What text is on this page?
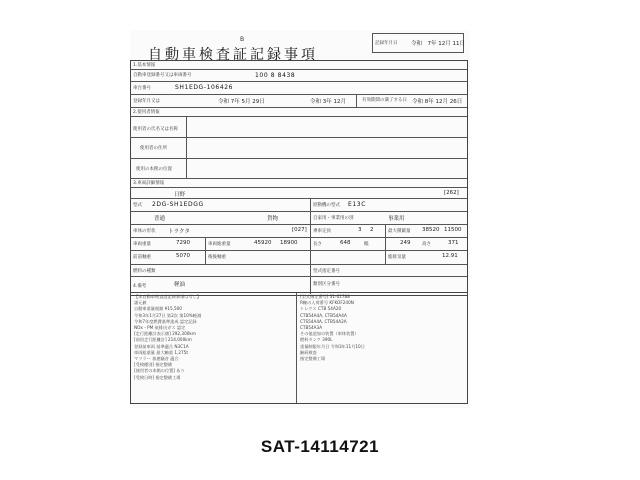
B
自動車検査証記録事項
記録年月日 令和　7年 12月 11日
1.基本情報
自動車登録番号又は車両番号	100 8 8438
車台番号	SH1EDG-106426
登録年月又は	令和 7年 5月 29日	令和 3年 12月	有効期間の満了する日 令和 8年 12月 26日
2.使用者情報
使用者の氏名又は名称
使用者の住所
使用の本拠の位置
3.車両詳細情報
日野	[262]
型式 2DG-SH1EDGG	原動機の型式 E13C
普通	貨物	自家用・事業用の別	事業用
車体の形状 トラクタ	[027] 乗車定員	3 2	最大積載量 38520 11500
車両重量	7290	車両総重量	45920 18900	長さ	648	幅	249	高さ	371
前前軸重	5070	後後軸重	総排気量	12.91
燃料の種類	型式指定番号
軽油	類別区分番号
4.備考
【本自動車検査証記録事項は写し】
諸元値
自動車重量税額 ¥15,500
令和3年1月27日 第2次 第10%軽減
令和7年度燃費基準達成 認定記録
NOx・PM 低排出ガス 認定
[走行距離計表示値] 292,300km
[前回走行距離計] 214,000km
登録前車両 基準適合 N3C1A
車両総重量 最大軸重 1,275t
マフラー 加速騒音 適合
[受検種別] 指定整備
[使用者の本拠の位置] あり
[受検日時] 指定整備工場
[型式指定番号] 31-01788
R軸の入荷番号 KFKOF240N
トレクス CTB 54A20
CTB54A4A, CTB54A4A
CTS54A4A, CTB54A2A
CTB54A3A
その他追加の装置（車体装置）
燃料タンク 390L
重量制限年月日 令和3年11月10日
継続検査
指定整備工場
SAT-14114721
